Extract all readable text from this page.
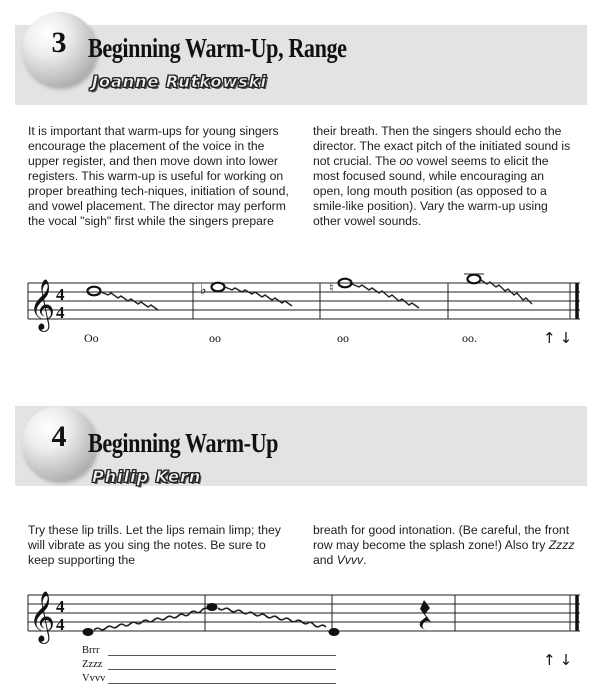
3 Beginning Warm-Up, Range
Joanne Rutkowski

It is important that warm-ups for young singers encourage the placement of the voice in the upper register, and then move down into lower registers. This warm-up is useful for working on proper breathing tech-niques, initiation of sound, and vowel placement. The director may perform the vocal "sigh" first while the singers prepare

their breath. Then the singers should echo the director. The exact pitch of the initiated sound is not crucial. The oo vowel seems to elicit the most focused sound, while encouraging an open, long mouth position (as opposed to a smile-like position). Vary the warm-up using other vowel sounds.

𝄞 4
4
♭	♮
Oo	oo	oo	oo.	↑↓
4 Beginning Warm-Up
Philip Kern

Try these lip trills. Let the lips remain limp; they will vibrate as you sing the notes. Be sure to keep supporting the

breath for good intonation. (Be careful, the front row may become the splash zone!) Also try Zzzz and Vvvv.

𝄞 4
4
Brrr
Zzzz
Vvvv
↑↓
